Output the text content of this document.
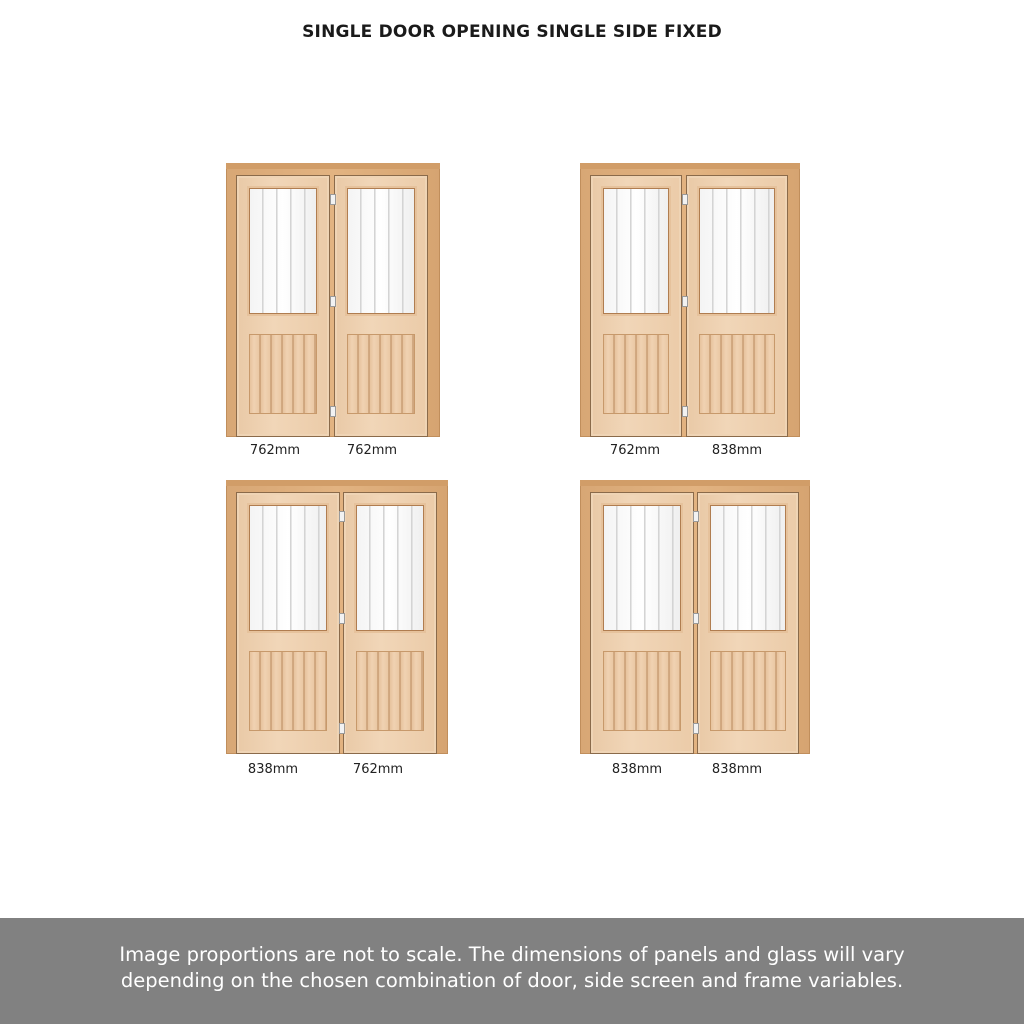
SINGLE DOOR OPENING SINGLE SIDE FIXED
762mm	762mm	762mm	838mm
838mm	762mm	838mm	838mm
Image proportions are not to scale. The dimensions of panels and glass will vary
depending on the chosen combination of door, side screen and frame variables.
